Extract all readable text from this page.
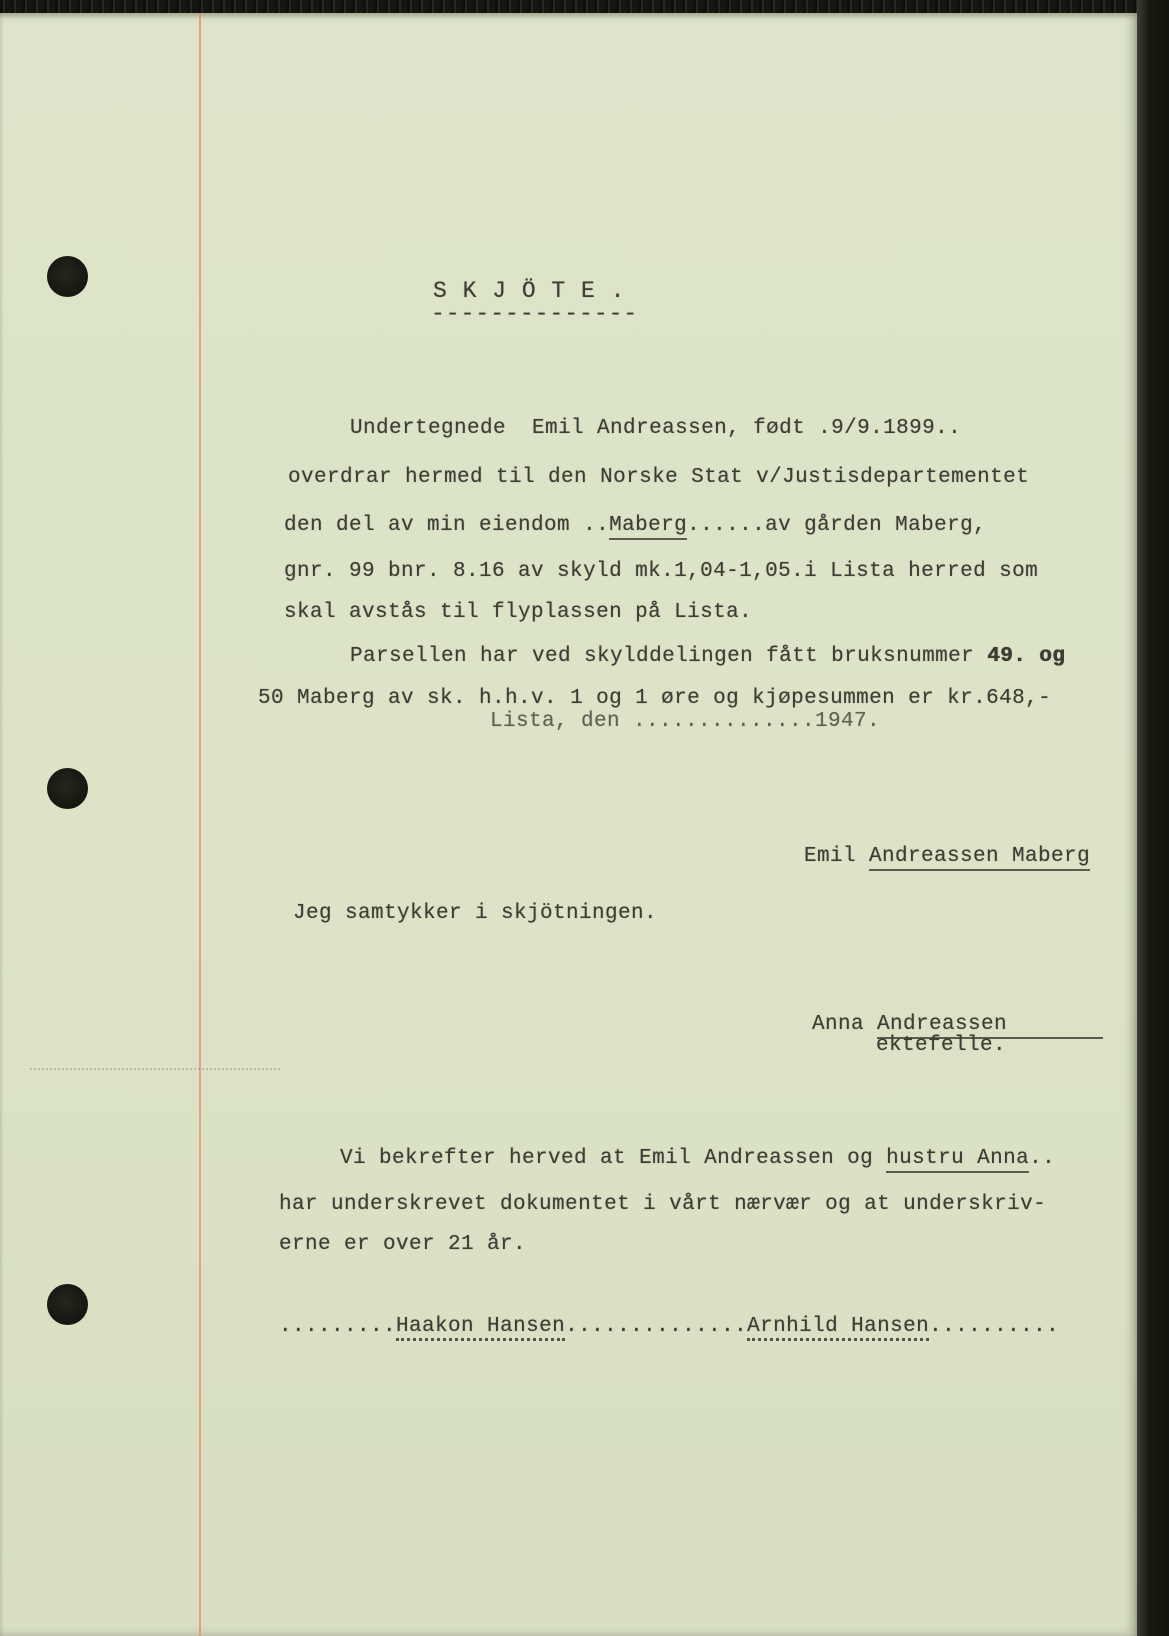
S K J Ö T E .
--------------

Undertegnede  Emil Andreassen, født .9/9.1899..

overdrar hermed til den Norske Stat v/Justisdepartementet

den del av min eiendom ..Maberg......av gården Maberg,

gnr. 99 bnr. 8.16 av skyld mk.1,04-1,05.i Lista herred som

skal avstås til flyplassen på Lista.

Parsellen har ved skylddelingen fått bruksnummer 49. og

50 Maberg av sk. h.h.v. 1 og 1 øre og kjøpesummen er kr.648,-

Lista, den ..............1947.

Emil Andreassen Maberg

Jeg samtykker i skjötningen.

Anna Andreassen

ektefelle.

Vi bekrefter herved at Emil Andreassen og hustru Anna..

har underskrevet dokumentet i vårt nærvær og at underskriv-

erne er over 21 år.

.........Haakon Hansen..............Arnhild Hansen..........
